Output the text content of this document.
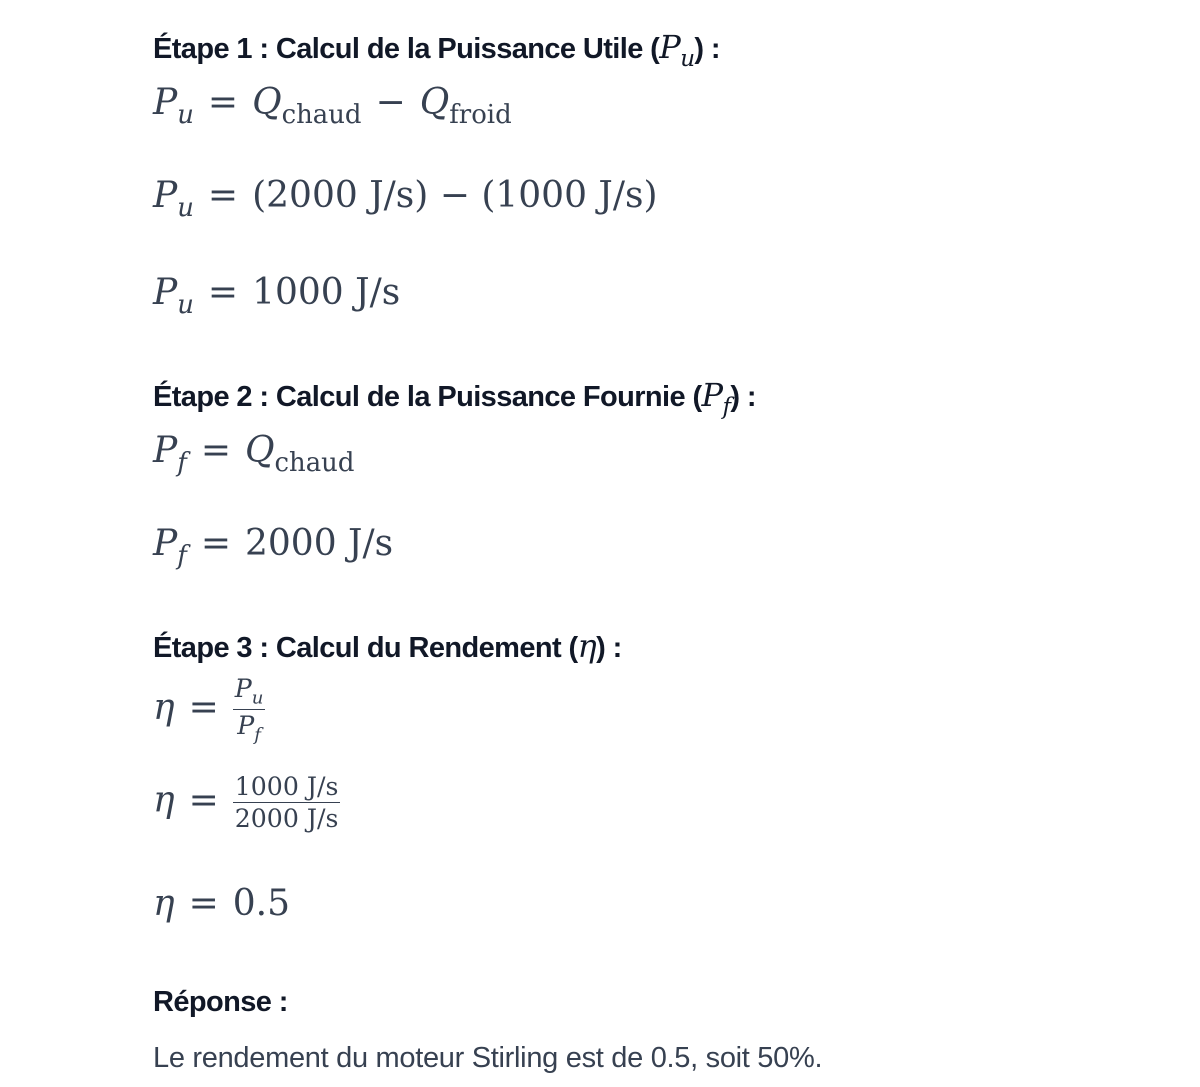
Étape 1 : Calcul de la Puissance Utile $(P_u)$ :
$P_u = Q_{chaud} - Q_{froid}$
$P_u = (2000$ J/s) − (1000 J/s)
$P_u = 1000$ J/s
Étape 2 : Calcul de la Puissance Fournie $(P_f)$ :
$P_f = Q_{chaud}$
$P_f = 2000$ J/s
Étape 3 : Calcul du Rendement (η) :
$\eta = \frac{P_u}{P_f}$
$\eta = \frac{1000 J/s}{2000 J/s}$
η = 0.5
Réponse :
Le rendement du moteur Stirling est de 0.5, soit 50%.
